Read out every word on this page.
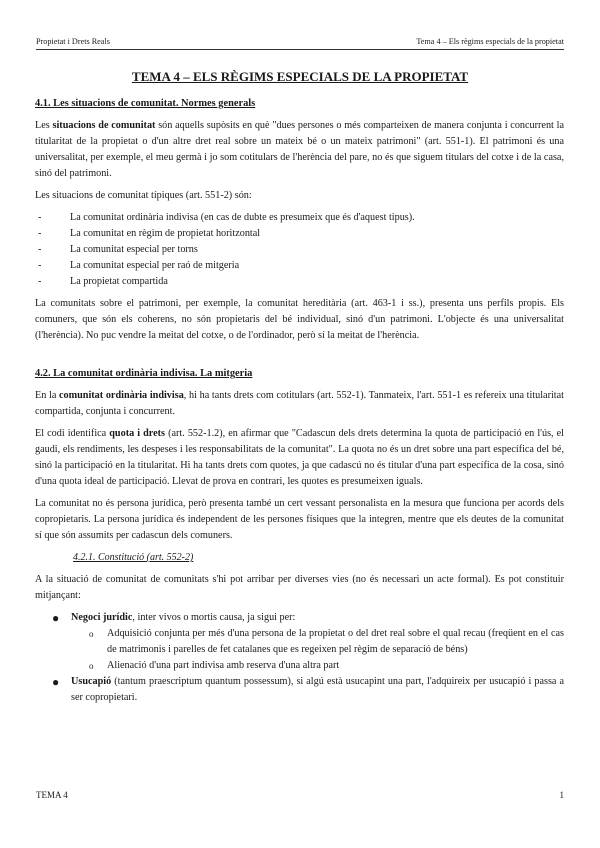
Propietat i Drets Reals	Tema 4 – Els règims especials de la propietat
TEMA 4 – ELS RÈGIMS ESPECIALS DE LA PROPIETAT
4.1. Les situacions de comunitat. Normes generals

Les situacions de comunitat són aquells supòsits en què "dues persones o més comparteixen de manera conjunta i concurrent la titularitat de la propietat o d'un altre dret real sobre un mateix bé o un mateix patrimoni" (art. 551-1). El patrimoni és una universalitat, per exemple, el meu germà i jo som cotitulars de l'herència del pare, no és que siguem titulars del cotxe i de la casa, sinó del patrimoni.

Les situacions de comunitat típiques (art. 551-2) són:

- La comunitat ordinària indivisa (en cas de dubte es presumeix que és d'aquest tipus).
- La comunitat en règim de propietat horitzontal
- La comunitat especial per torns
- La comunitat especial per raó de mitgeria
- La propietat compartida

La comunitats sobre el patrimoni, per exemple, la comunitat hereditària (art. 463-1 i ss.), presenta uns perfils propis. Els comuners, que són els coherens, no són propietaris del bé individual, sinó d'un patrimoni. L'objecte és una universalitat (l'herència). No puc vendre la meitat del cotxe, o de l'ordinador, però sí la meitat de l'herència.

4.2. La comunitat ordinària indivisa. La mitgeria

En la comunitat ordinària indivisa, hi ha tants drets com cotitulars (art. 552-1). Tanmateix, l'art. 551-1 es refereix una titularitat compartida, conjunta i concurrent.

El codi identifica quota i drets (art. 552-1.2), en afirmar que "Cadascun dels drets determina la quota de participació en l'ús, el gaudi, els rendiments, les despeses i les responsabilitats de la comunitat". La quota no és un dret sobre una part específica del bé, sinó la participació en la titularitat. Hi ha tants drets com quotes, ja que cadascú no és titular d'una part específica de la cosa, sinó d'una quota ideal de participació. Llevat de prova en contrari, les quotes es presumeixen iguals.

La comunitat no és persona jurídica, però presenta també un cert vessant personalista en la mesura que funciona per acords dels copropietaris. La persona jurídica és independent de les persones físiques que la integren, mentre que els deutes de la comunitat sí que són assumits per cadascun dels comuners.

4.2.1. Constitució (art. 552-2)

A la situació de comunitat de comunitats s'hi pot arribar per diverses vies (no és necessari un acte formal). Es pot constituir mitjançant:

● Negoci jurídic, inter vivos o mortis causa, ja sigui per:
o Adquisició conjunta per més d'una persona de la propietat o del dret real sobre el qual recau (freqüent en el cas de matrimonis i parelles de fet catalanes que es regeixen pel règim de separació de béns)
o Alienació d'una part indivisa amb reserva d'una altra part
● Usucapió (tantum praescriptum quantum possessum), si algú està usucapint una part, l'adquireix per usucapió i passa a ser copropietari.
TEMA 4	1
